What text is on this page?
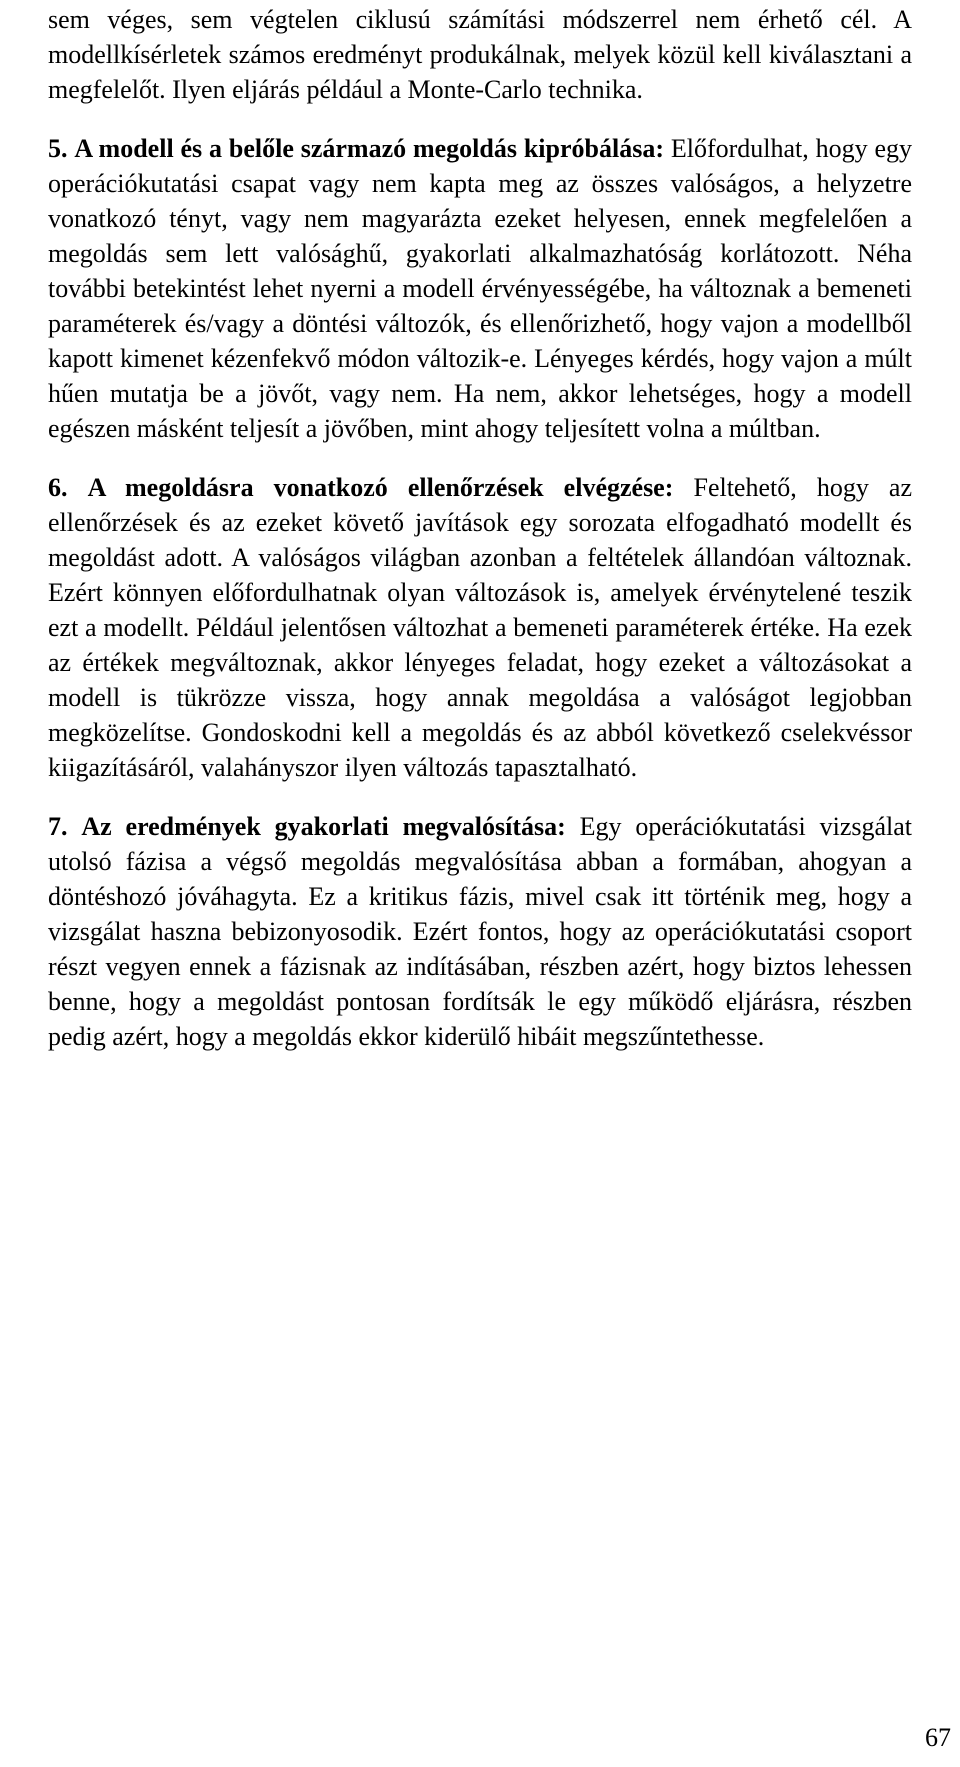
sem véges, sem végtelen ciklusú számítási módszerrel nem érhető cél. A modellkísérletek számos eredményt produkálnak, melyek közül kell kiválasztani a megfelelőt. Ilyen eljárás például a Monte-Carlo technika.

5. A modell és a belőle származó megoldás kipróbálása: Előfordulhat, hogy egy operációkutatási csapat vagy nem kapta meg az összes valóságos, a helyzetre vonatkozó tényt, vagy nem magyarázta ezeket helyesen, ennek megfelelően a megoldás sem lett valósághű, gyakorlati alkalmazhatóság korlátozott. Néha további betekintést lehet nyerni a modell érvényességébe, ha változnak a bemeneti paraméterek és/vagy a döntési változók, és ellenőrizhető, hogy vajon a modellből kapott kimenet kézenfekvő módon változik-e. Lényeges kérdés, hogy vajon a múlt hűen mutatja be a jövőt, vagy nem. Ha nem, akkor lehetséges, hogy a modell egészen másként teljesít a jövőben, mint ahogy teljesített volna a múltban.

6. A megoldásra vonatkozó ellenőrzések elvégzése: Feltehető, hogy az ellenőrzések és az ezeket követő javítások egy sorozata elfogadható modellt és megoldást adott. A valóságos világban azonban a feltételek állandóan változnak. Ezért könnyen előfordulhatnak olyan változások is, amelyek érvénytelené teszik ezt a modellt. Például jelentősen változhat a bemeneti paraméterek értéke. Ha ezek az értékek megváltoznak, akkor lényeges feladat, hogy ezeket a változásokat a modell is tükrözze vissza, hogy annak megoldása a valóságot legjobban megközelítse. Gondoskodni kell a megoldás és az abból következő cselekvéssor kiigazításáról, valahányszor ilyen változás tapasztalható.

7. Az eredmények gyakorlati megvalósítása: Egy operációkutatási vizsgálat utolsó fázisa a végső megoldás megvalósítása abban a formában, ahogyan a döntéshozó jóváhagyta. Ez a kritikus fázis, mivel csak itt történik meg, hogy a vizsgálat haszna bebizonyosodik. Ezért fontos, hogy az operációkutatási csoport részt vegyen ennek a fázisnak az indításában, részben azért, hogy biztos lehessen benne, hogy a megoldást pontosan fordítsák le egy működő eljárásra, részben pedig azért, hogy a megoldás ekkor kiderülő hibáit megszűntethesse.

67
